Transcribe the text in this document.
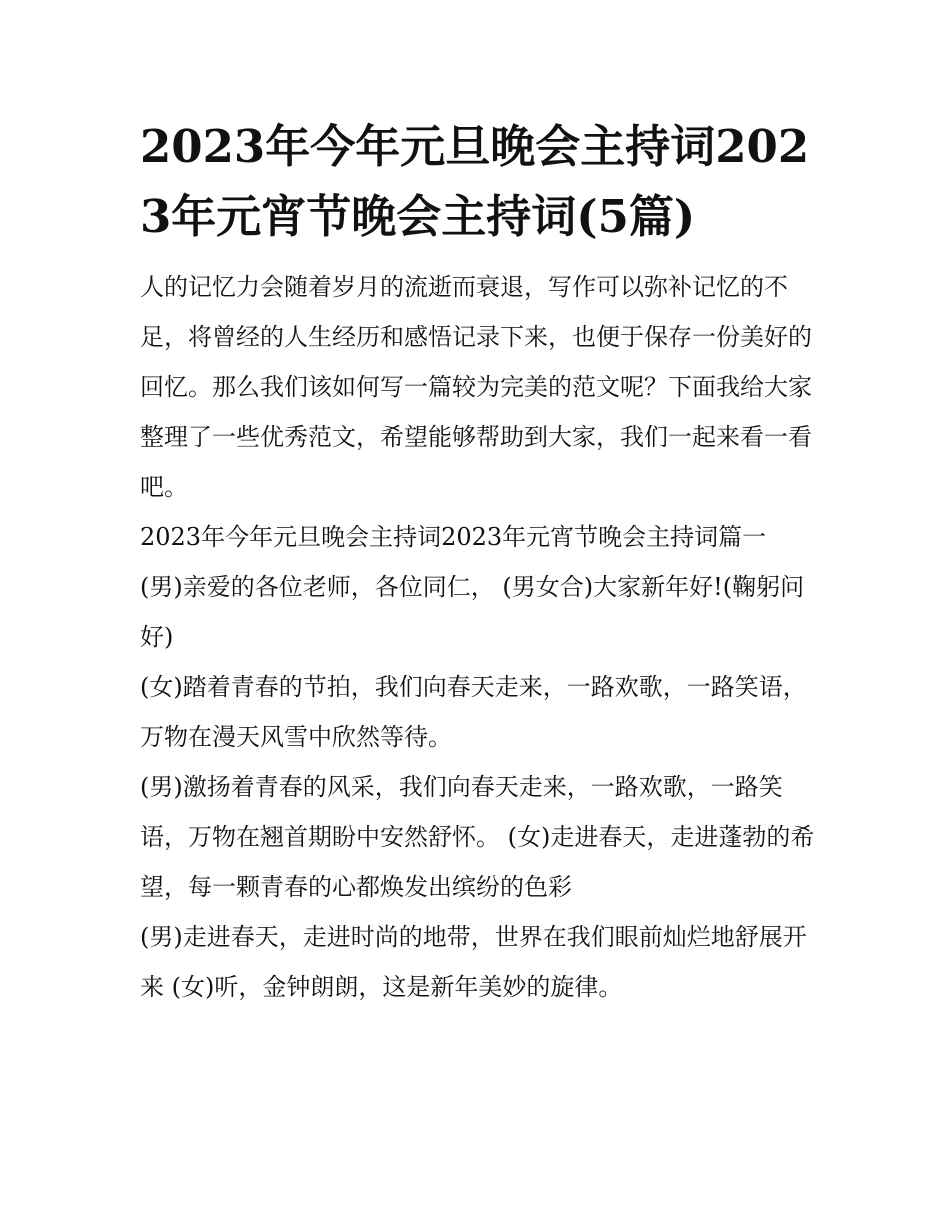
2023年今年元旦晚会主持词2023年元宵节晚会主持词(5篇)

人的记忆力会随着岁月的流逝而衰退，写作可以弥补记忆的不足，将曾经的人生经历和感悟记录下来，也便于保存一份美好的回忆。那么我们该如何写一篇较为完美的范文呢？下面我给大家整理了一些优秀范文，希望能够帮助到大家，我们一起来看一看吧。

2023年今年元旦晚会主持词2023年元宵节晚会主持词篇一

(男)亲爱的各位老师，各位同仁， (男女合)大家新年好!(鞠躬问好)

(女)踏着青春的节拍，我们向春天走来，一路欢歌，一路笑语，万物在漫天风雪中欣然等待。

(男)激扬着青春的风采，我们向春天走来，一路欢歌，一路笑语，万物在翘首期盼中安然舒怀。 (女)走进春天，走进蓬勃的希望，每一颗青春的心都焕发出缤纷的色彩

(男)走进春天，走进时尚的地带，世界在我们眼前灿烂地舒展开来 (女)听，金钟朗朗，这是新年美妙的旋律。
